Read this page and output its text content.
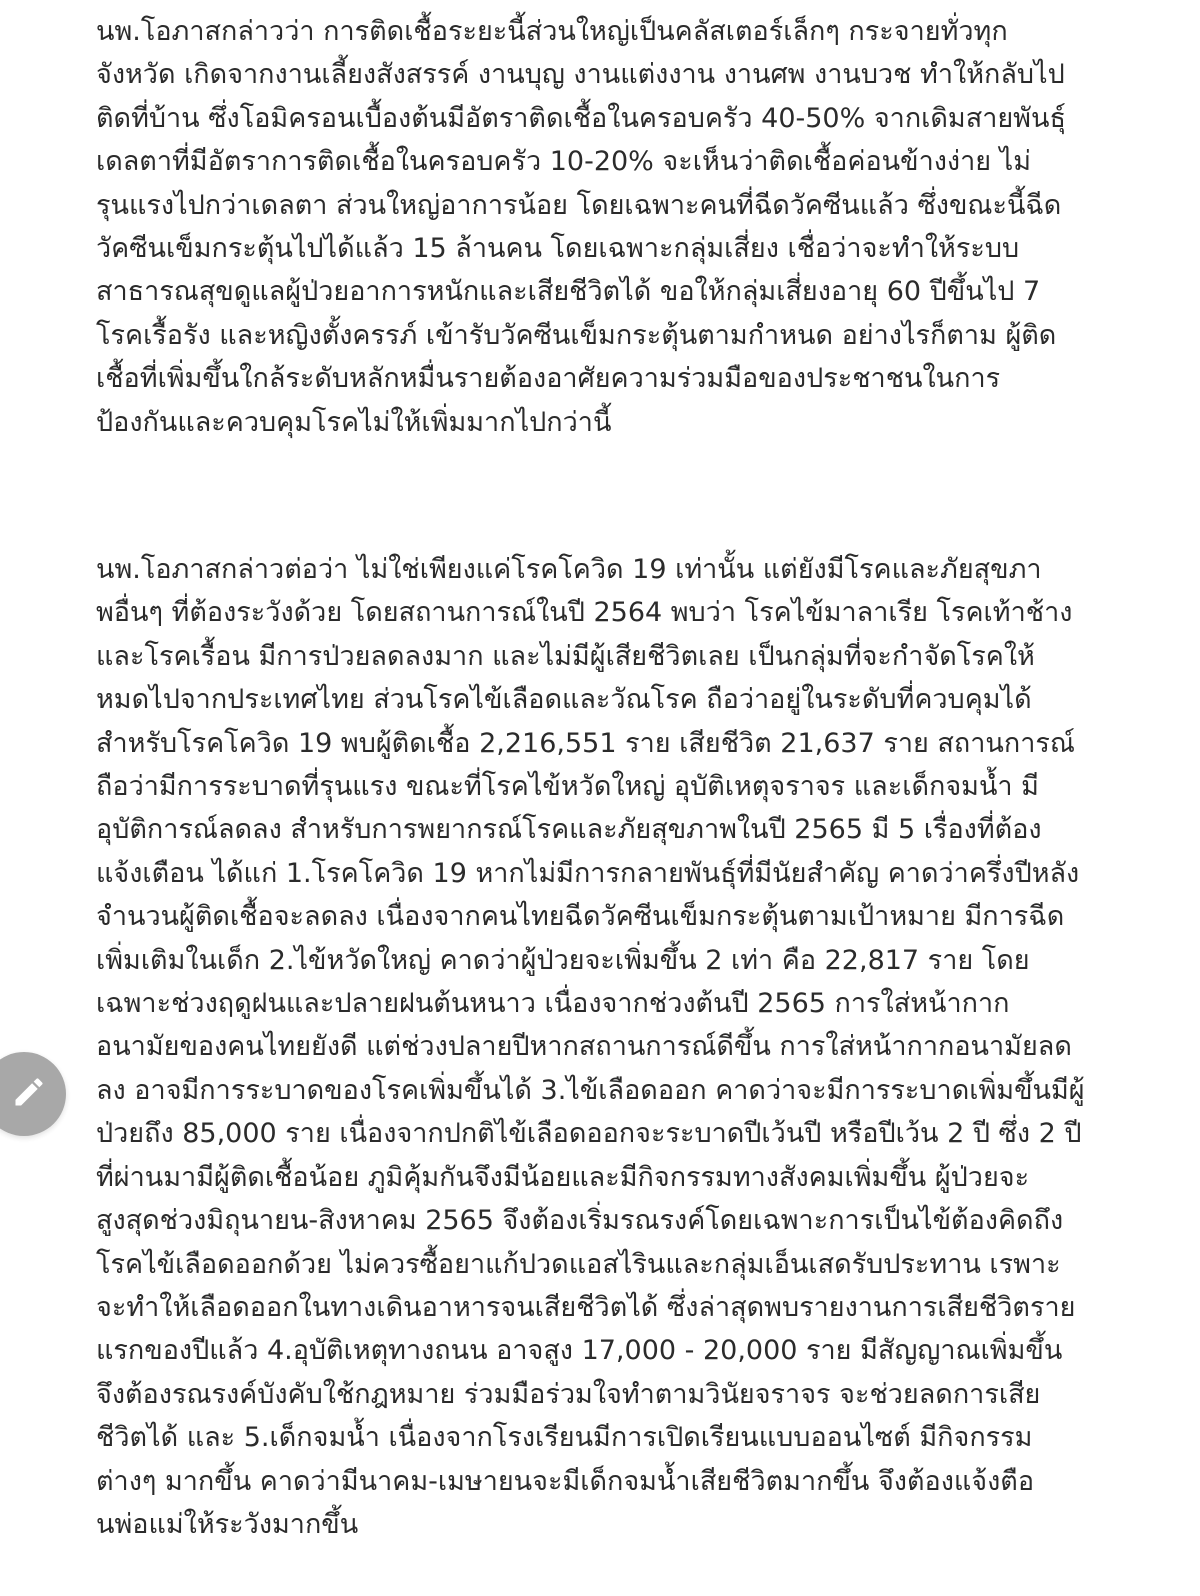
นพ.โอภาสกล่าวว่า การติดเชื้อระยะนี้ส่วนใหญ่เป็นคลัสเตอร์เล็กๆ กระจายทั่วทุก
จังหวัด เกิดจากงานเลี้ยงสังสรรค์ งานบุญ งานแต่งงาน งานศพ งานบวช ทำให้กลับไป
ติดที่บ้าน ซึ่งโอมิครอนเบื้องต้นมีอัตราติดเชื้อในครอบครัว 40-50% จากเดิมสายพันธุ์
เดลตาที่มีอัตราการติดเชื้อในครอบครัว 10-20% จะเห็นว่าติดเชื้อค่อนข้างง่าย ไม่
รุนแรงไปกว่าเดลตา ส่วนใหญ่อาการน้อย โดยเฉพาะคนที่ฉีดวัคซีนแล้ว ซึ่งขณะนี้ฉีด
วัคซีนเข็มกระตุ้นไปได้แล้ว 15 ล้านคน โดยเฉพาะกลุ่มเสี่ยง เชื่อว่าจะทำให้ระบบ
สาธารณสุขดูแลผู้ป่วยอาการหนักและเสียชีวิตได้ ขอให้กลุ่มเสี่ยงอายุ 60 ปีขึ้นไป 7
โรคเรื้อรัง และหญิงตั้งครรภ์ เข้ารับวัคซีนเข็มกระตุ้นตามกำหนด อย่างไรก็ตาม ผู้ติด
เชื้อที่เพิ่มขึ้นใกล้ระดับหลักหมื่นรายต้องอาศัยความร่วมมือของประชาชนในการ
ป้องกันและควบคุมโรคไม่ให้เพิ่มมากไปกว่านี้

นพ.โอภาสกล่าวต่อว่า ไม่ใช่เพียงแค่โรคโควิด 19 เท่านั้น แต่ยังมีโรคและภัยสุขภา
พอื่นๆ ที่ต้องระวังด้วย โดยสถานการณ์ในปี 2564 พบว่า โรคไข้มาลาเรีย โรคเท้าช้าง
และโรคเรื้อน มีการป่วยลดลงมาก และไม่มีผู้เสียชีวิตเลย เป็นกลุ่มที่จะกำจัดโรคให้
หมดไปจากประเทศไทย ส่วนโรคไข้เลือดและวัณโรค ถือว่าอยู่ในระดับที่ควบคุมได้
สำหรับโรคโควิด 19 พบผู้ติดเชื้อ 2,216,551 ราย เสียชีวิต 21,637 ราย สถานการณ์
ถือว่ามีการระบาดที่รุนแรง ขณะที่โรคไข้หวัดใหญ่ อุบัติเหตุจราจร และเด็กจมน้ำ มี
อุบัติการณ์ลดลง สำหรับการพยากรณ์โรคและภัยสุขภาพในปี 2565 มี 5 เรื่องที่ต้อง
แจ้งเตือน ได้แก่ 1.โรคโควิด 19 หากไม่มีการกลายพันธุ์ที่มีนัยสำคัญ คาดว่าครึ่งปีหลัง
จำนวนผู้ติดเชื้อจะลดลง เนื่องจากคนไทยฉีดวัคซีนเข็มกระตุ้นตามเป้าหมาย มีการฉีด
เพิ่มเติมในเด็ก 2.ไข้หวัดใหญ่ คาดว่าผู้ป่วยจะเพิ่มขึ้น 2 เท่า คือ 22,817 ราย โดย
เฉพาะช่วงฤดูฝนและปลายฝนต้นหนาว เนื่องจากช่วงต้นปี 2565 การใส่หน้ากาก
อนามัยของคนไทยยังดี แต่ช่วงปลายปีหากสถานการณ์ดีขึ้น การใส่หน้ากากอนามัยลด
ลง อาจมีการระบาดของโรคเพิ่มขึ้นได้ 3.ไข้เลือดออก คาดว่าจะมีการระบาดเพิ่มขึ้นมีผู้
ป่วยถึง 85,000 ราย เนื่องจากปกติไข้เลือดออกจะระบาดปีเว้นปี หรือปีเว้น 2 ปี ซึ่ง 2 ปี
ที่ผ่านมามีผู้ติดเชื้อน้อย ภูมิคุ้มกันจึงมีน้อยและมีกิจกรรมทางสังคมเพิ่มขึ้น ผู้ป่วยจะ
สูงสุดช่วงมิถุนายน-สิงหาคม 2565 จึงต้องเริ่มรณรงค์โดยเฉพาะการเป็นไข้ต้องคิดถึง
โรคไข้เลือดออกด้วย ไม่ควรซื้อยาแก้ปวดแอสไรินและกลุ่มเอ็นเสดรับประทาน เรพาะ
จะทำให้เลือดออกในทางเดินอาหารจนเสียชีวิตได้ ซึ่งล่าสุดพบรายงานการเสียชีวิตราย
แรกของปีแล้ว 4.อุบัติเหตุทางถนน อาจสูง 17,000 - 20,000 ราย มีสัญญาณเพิ่มขึ้น
จึงต้องรณรงค์บังคับใช้กฎหมาย ร่วมมือร่วมใจทำตามวินัยจราจร จะช่วยลดการเสีย
ชีวิตได้ และ 5.เด็กจมน้ำ เนื่องจากโรงเรียนมีการเปิดเรียนแบบออนไซต์ มีกิจกรรม
ต่างๆ มากขึ้น คาดว่ามีนาคม-เมษายนจะมีเด็กจมน้ำเสียชีวิตมากขึ้น จึงต้องแจ้งตือ
นพ่อแม่ให้ระวังมากขึ้น
